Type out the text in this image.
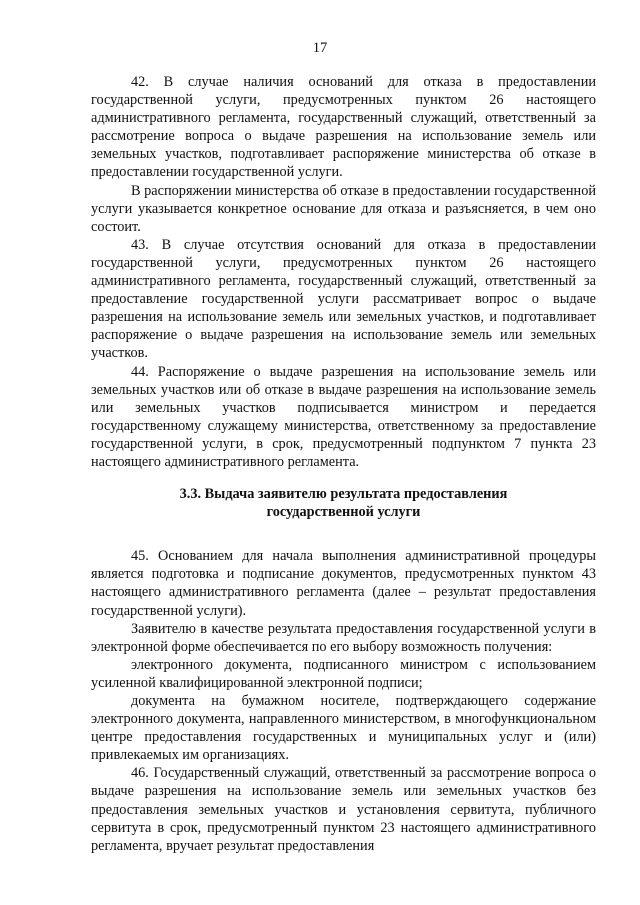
17

42. В случае наличия оснований для отказа в предоставлении государственной услуги, предусмотренных пунктом 26 настоящего административного регламента, государственный служащий, ответственный за рассмотрение вопроса о выдаче разрешения на использование земель или земельных участков, подготавливает распоряжение министерства об отказе в предоставлении государственной услуги.

В распоряжении министерства об отказе в предоставлении государственной услуги указывается конкретное основание для отказа и разъясняется, в чем оно состоит.

43. В случае отсутствия оснований для отказа в предоставлении государственной услуги, предусмотренных пунктом 26 настоящего административного регламента, государственный служащий, ответственный за предоставление государственной услуги рассматривает вопрос о выдаче разрешения на использование земель или земельных участков, и подготавливает распоряжение о выдаче разрешения на использование земель или земельных участков.

44. Распоряжение о выдаче разрешения на использование земель или земельных участков или об отказе в выдаче разрешения на использование земель или земельных участков подписывается министром и передается государственному служащему министерства, ответственному за предоставление государственной услуги, в срок, предусмотренный подпунктом 7 пункта 23 настоящего административного регламента.

3.3. Выдача заявителю результата предоставления
государственной услуги

45. Основанием для начала выполнения административной процедуры является подготовка и подписание документов, предусмотренных пунктом 43 настоящего административного регламента (далее – результат предоставления государственной услуги).

Заявителю в качестве результата предоставления государственной услуги в электронной форме обеспечивается по его выбору возможность получения:

электронного документа, подписанного министром с использованием усиленной квалифицированной электронной подписи;

документа на бумажном носителе, подтверждающего содержание электронного документа, направленного министерством, в многофункциональном центре предоставления государственных и муниципальных услуг и (или) привлекаемых им организациях.

46. Государственный служащий, ответственный за рассмотрение вопроса о выдаче разрешения на использование земель или земельных участков без предоставления земельных участков и установления сервитута, публичного сервитута в срок, предусмотренный пунктом 23 настоящего административного регламента, вручает результат предоставления
